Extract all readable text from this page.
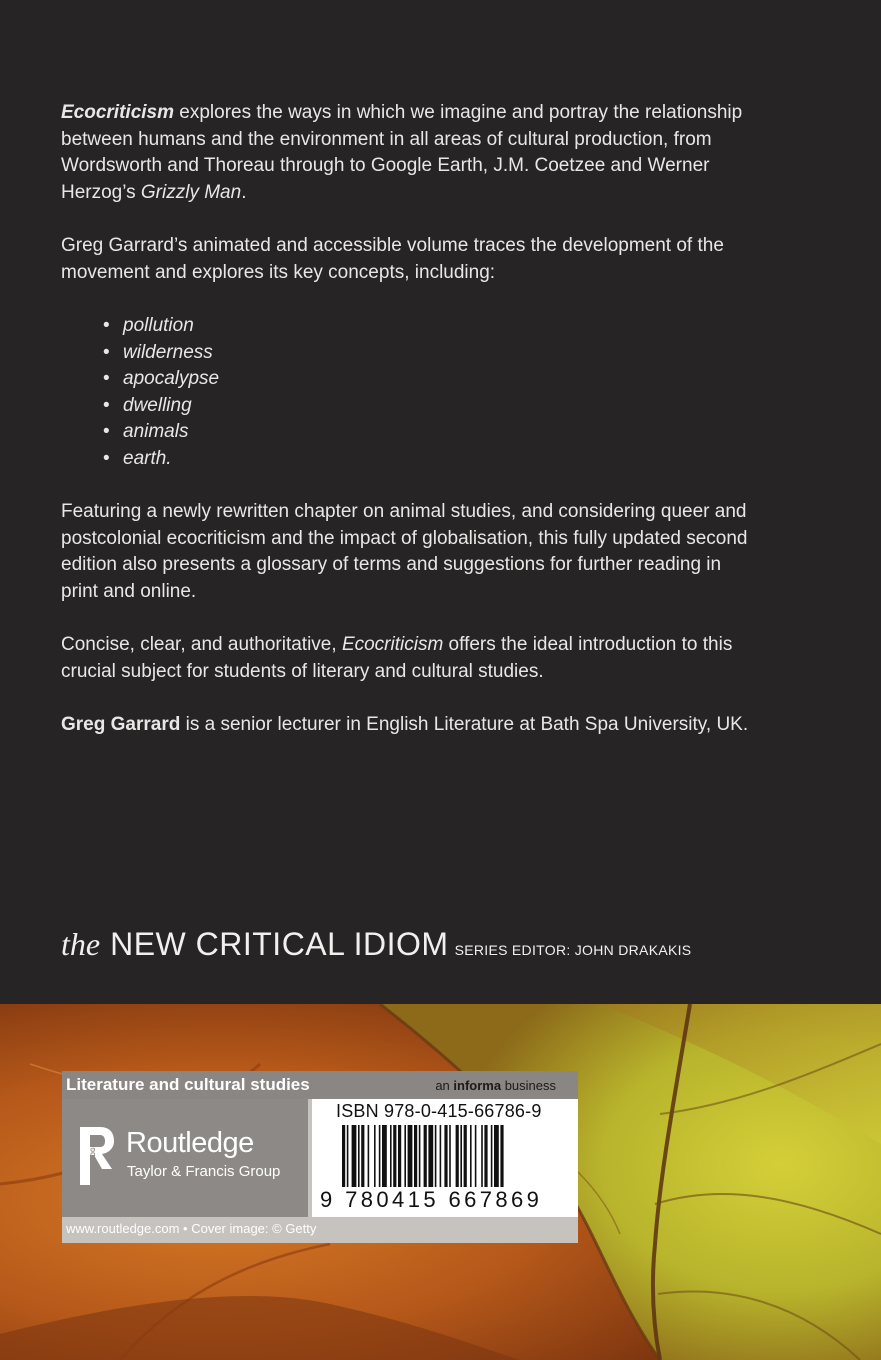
Ecocriticism explores the ways in which we imagine and portray the relationship between humans and the environment in all areas of cultural production, from Wordsworth and Thoreau through to Google Earth, J.M. Coetzee and Werner Herzog’s Grizzly Man.

Greg Garrard’s animated and accessible volume traces the development of the movement and explores its key concepts, including:

• pollution
• wilderness
• apocalypse
• dwelling
• animals
• earth.

Featuring a newly rewritten chapter on animal studies, and considering queer and postcolonial ecocriticism and the impact of globalisation, this fully updated second edition also presents a glossary of terms and suggestions for further reading in print and online.

Concise, clear, and authoritative, Ecocriticism offers the ideal introduction to this crucial subject for students of literary and cultural studies.

Greg Garrard is a senior lecturer in English Literature at Bath Spa University, UK.

the NEW CRITICAL IDIOM SERIES EDITOR: JOHN DRAKAKIS
Literature and cultural studies	an informa business
ROUTLEDGE
Routledge
Taylor & Francis Group
ISBN 978-0-415-66786-9
9 780415 667869
www.routledge.com • Cover image: © Getty
